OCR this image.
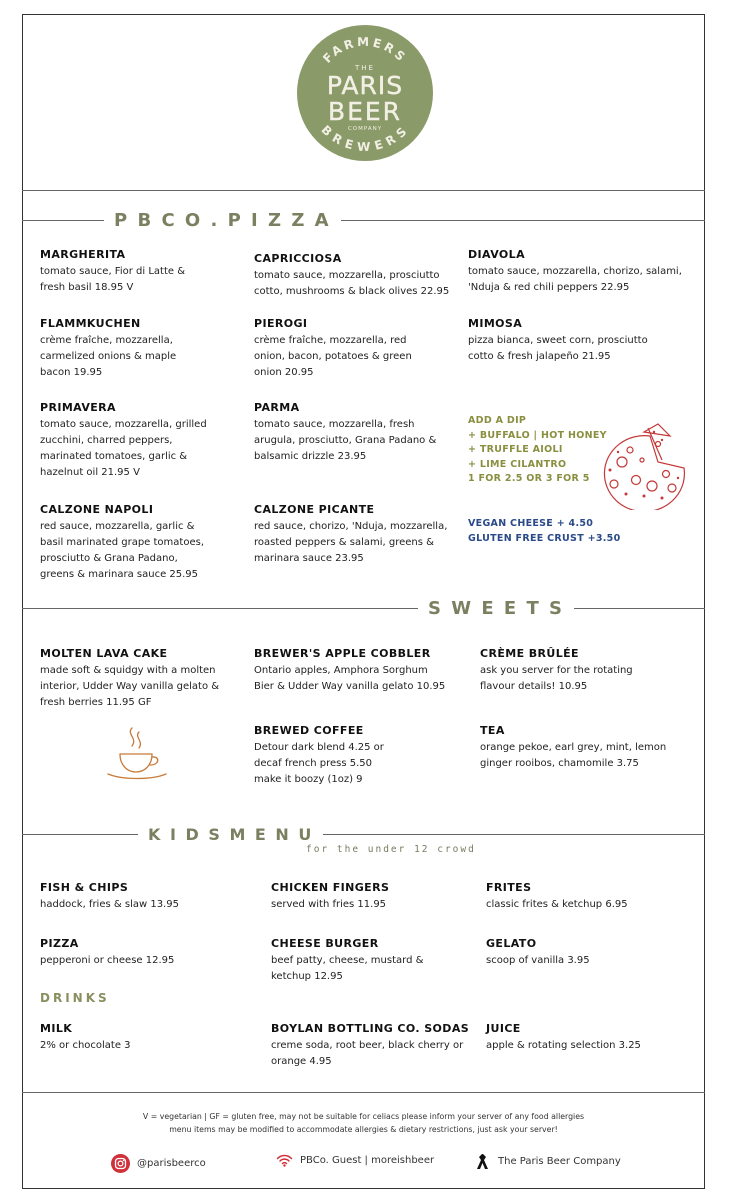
FARMERS
THE
PARIS
BEER
COMPANY
BREWERS
P B C O . P I Z Z A
MARGHERITA
tomato sauce, Fior di Latte &
fresh basil 18.95 V
CAPRICCIOSA
tomato sauce, mozzarella, prosciutto
cotto, mushrooms & black olives 22.95
DIAVOLA
tomato sauce, mozzarella, chorizo, salami,
'Nduja & red chili peppers 22.95
FLAMMKUCHEN
crème fraîche, mozzarella,
carmelized onions & maple
bacon 19.95
PIEROGI
crème fraîche, mozzarella, red
onion, bacon, potatoes & green
onion 20.95
MIMOSA
pizza bianca, sweet corn, prosciutto
cotto & fresh jalapeño 21.95
PRIMAVERA
tomato sauce, mozzarella, grilled
zucchini, charred peppers,
marinated tomatoes, garlic &
hazelnut oil 21.95 V
PARMA
tomato sauce, mozzarella, fresh
arugula, prosciutto, Grana Padano &
balsamic drizzle 23.95
ADD A DIP
+ BUFFALO | HOT HONEY
+ TRUFFLE AIOLI
+ LIME CILANTRO
1 FOR 2.5 OR 3 FOR 5
VEGAN CHEESE + 4.50
GLUTEN FREE CRUST +3.50
CALZONE NAPOLI
red sauce, mozzarella, garlic &
basil marinated grape tomatoes,
prosciutto & Grana Padano,
greens & marinara sauce 25.95
CALZONE PICANTE
red sauce, chorizo, 'Nduja, mozzarella,
roasted peppers & salami, greens &
marinara sauce 23.95
S W E E T S
MOLTEN LAVA CAKE
made soft & squidgy with a molten
interior, Udder Way vanilla gelato &
fresh berries 11.95 GF
BREWER'S APPLE COBBLER
Ontario apples, Amphora Sorghum
Bier & Udder Way vanilla gelato 10.95
CRÈME BRÛLÉE
ask you server for the rotating
flavour details! 10.95
BREWED COFFEE
Detour dark blend 4.25 or
decaf french press 5.50
make it boozy (1oz) 9
TEA
orange pekoe, earl grey, mint, lemon
ginger rooibos, chamomile 3.75
K I D S M E N U
for the under 12 crowd
FISH & CHIPS
haddock, fries & slaw 13.95
CHICKEN FINGERS
served with fries 11.95
FRITES
classic frites & ketchup 6.95
PIZZA
pepperoni or cheese 12.95
CHEESE BURGER
beef patty, cheese, mustard &
ketchup 12.95
GELATO
scoop of vanilla 3.95
DRINKS
MILK
2% or chocolate 3
BOYLAN BOTTLING CO. SODAS
creme soda, root beer, black cherry or
orange 4.95
JUICE
apple & rotating selection 3.25
V = vegetarian | GF = gluten free, may not be suitable for celiacs please inform your server of any food allergies
menu items may be modified to accommodate allergies & dietary restrictions, just ask your server!
@parisbeerco	PBCo. Guest | moreishbeer	The Paris Beer Company
